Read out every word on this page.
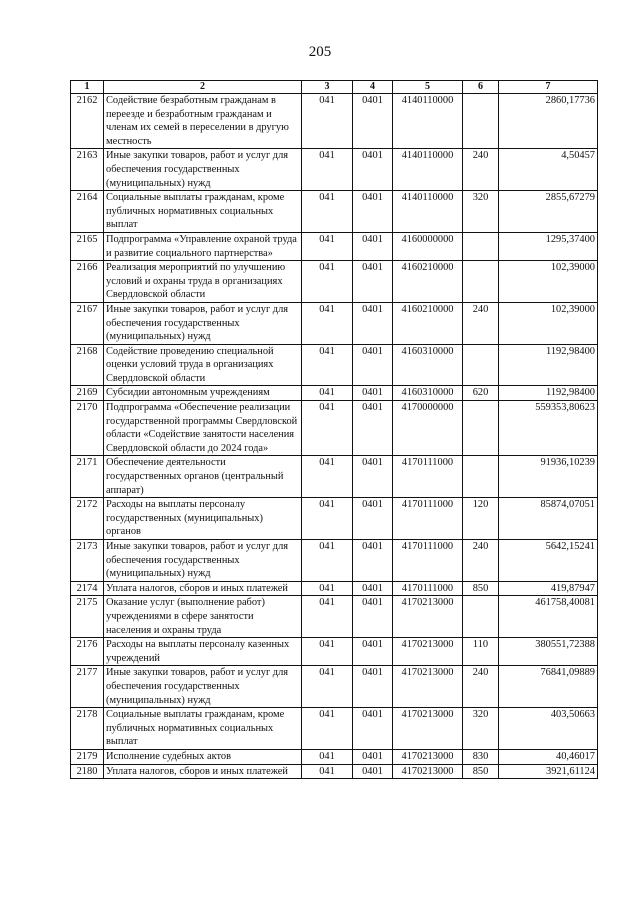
205
1	2	3	4	5	6	7
2162	Содействие безработным гражданам в переезде и безработным гражданам и членам их семей в переселении в другую местность	041	0401	4140110000		2860,17736
2163	Иные закупки товаров, работ и услуг для обеспечения государственных (муниципальных) нужд	041	0401	4140110000	240	4,50457
2164	Социальные выплаты гражданам, кроме публичных нормативных социальных выплат	041	0401	4140110000	320	2855,67279
2165	Подпрограмма «Управление охраной труда и развитие социального партнерства»	041	0401	4160000000		1295,37400
2166	Реализация мероприятий по улучшению условий и охраны труда в организациях Свердловской области	041	0401	4160210000		102,39000
2167	Иные закупки товаров, работ и услуг для обеспечения государственных (муниципальных) нужд	041	0401	4160210000	240	102,39000
2168	Содействие проведению специальной оценки условий труда в организациях Свердловской области	041	0401	4160310000		1192,98400
2169	Субсидии автономным учреждениям	041	0401	4160310000	620	1192,98400
2170	Подпрограмма «Обеспечение реализации государственной программы Свердловской области «Содействие занятости населения Свердловской области до 2024 года»	041	0401	4170000000		559353,80623
2171	Обеспечение деятельности государственных органов (центральный аппарат)	041	0401	4170111000		91936,10239
2172	Расходы на выплаты персоналу государственных (муниципальных) органов	041	0401	4170111000	120	85874,07051
2173	Иные закупки товаров, работ и услуг для обеспечения государственных (муниципальных) нужд	041	0401	4170111000	240	5642,15241
2174	Уплата налогов, сборов и иных платежей	041	0401	4170111000	850	419,87947
2175	Оказание услуг (выполнение работ) учреждениями в сфере занятости населения и охраны труда	041	0401	4170213000		461758,40081
2176	Расходы на выплаты персоналу казенных учреждений	041	0401	4170213000	110	380551,72388
2177	Иные закупки товаров, работ и услуг для обеспечения государственных (муниципальных) нужд	041	0401	4170213000	240	76841,09889
2178	Социальные выплаты гражданам, кроме публичных нормативных социальных выплат	041	0401	4170213000	320	403,50663
2179	Исполнение судебных актов	041	0401	4170213000	830	40,46017
2180	Уплата налогов, сборов и иных платежей	041	0401	4170213000	850	3921,61124
